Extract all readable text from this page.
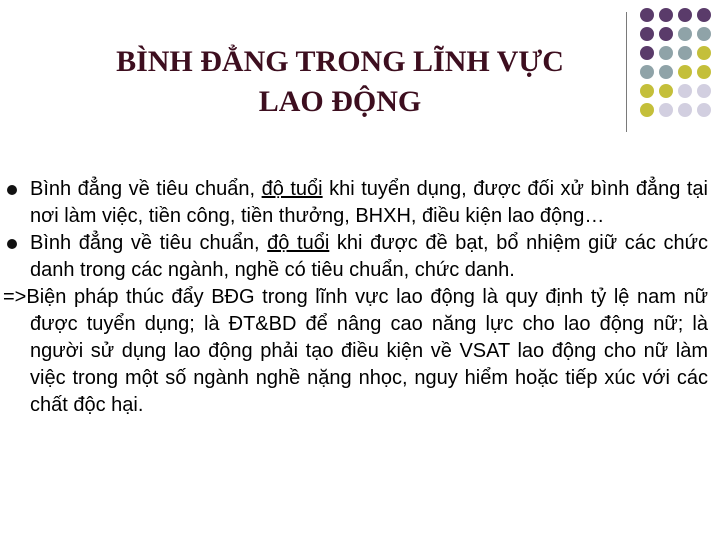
BÌNH ĐẲNG TRONG LĨNH VỰC
LAO ĐỘNG
Bình đẳng về tiêu chuẩn, độ tuổi khi tuyển dụng, được đối xử bình đẳng tại nơi làm việc, tiền công, tiền thưởng, BHXH, điều kiện lao động…
Bình đẳng về tiêu chuẩn, độ tuổi khi được đề bạt, bổ nhiệm giữ các chức danh trong các ngành, nghề có tiêu chuẩn, chức danh.
=>Biện pháp thúc đẩy BĐG trong lĩnh vực lao động là quy định tỷ lệ nam nữ được tuyển dụng; là ĐT&BD để nâng cao năng lực cho lao động nữ; là người sử dụng lao động phải tạo điều kiện về VSAT lao động cho nữ làm việc trong một số ngành nghề nặng nhọc, nguy hiểm hoặc tiếp xúc với các chất độc hại.
